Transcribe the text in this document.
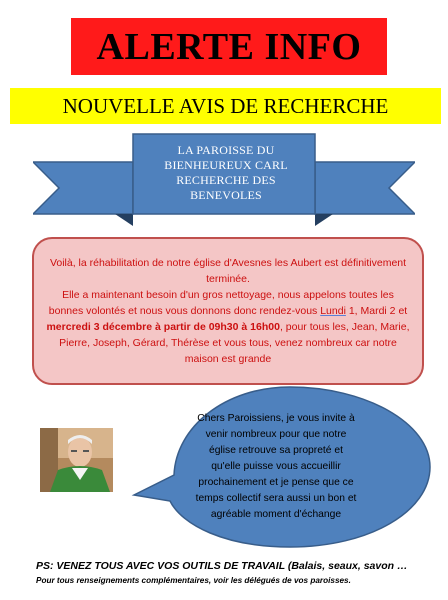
ALERTE INFO
NOUVELLE AVIS DE RECHERCHE
LA PAROISSE DU
BIENHEUREUX CARL
RECHERCHE DES
BENEVOLES

Voilà, la réhabilitation de notre église d'Avesnes les Aubert est définitivement terminée.

Elle a maintenant besoin d'un gros nettoyage, nous appelons toutes les bonnes volontés et nous vous donnons donc rendez-vous Lundi 1, Mardi 2 et mercredi 3 décembre à partir de 09h30 à 16h00, pour tous les, Jean, Marie, Pierre, Joseph, Gérard, Thérèse et vous tous, venez nombreux car notre maison est grande

Chers Paroissiens, je vous invite à
venir nombreux pour que notre
église retrouve sa propreté et
qu'elle puisse vous accueillir
prochainement et je pense que ce
temps collectif sera aussi un bon et
agréable moment d'échange
PS: VENEZ TOUS AVEC VOS OUTILS DE TRAVAIL (Balais, seaux, savon …
Pour tous renseignements complémentaires, voir les délégués de vos paroisses.
